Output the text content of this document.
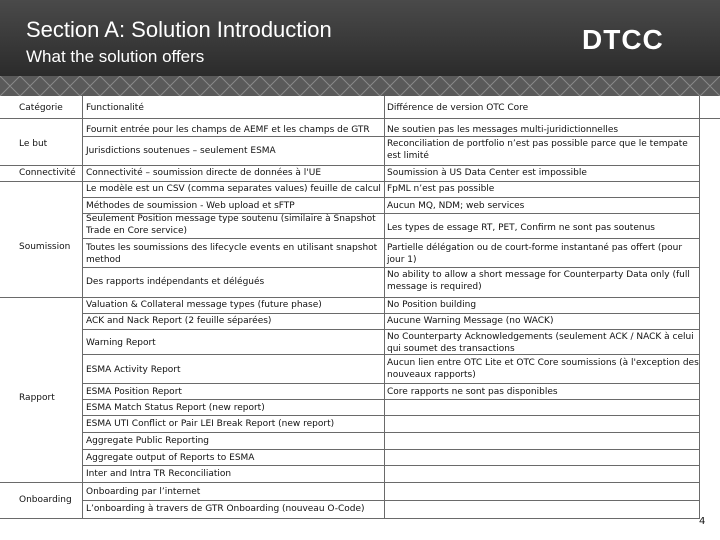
Section A: Solution Introduction
What the solution offers
DTCC
Catégorie	Functionalité	Différence de version OTC Core
Le but
Connectivité
Soumission
Rapport
Onboarding
Fournit entrée pour les champs de AEMF et les champs de GTR
Jurisdictions soutenues – seulement ESMA
Connectivité – soumission directe de données à l'UE
Le modèle est un CSV (comma separates values) feuille de calcul
Méthodes de soumission - Web upload et sFTP
Seulement Position message type soutenu (similaire à Snapshot Trade en Core service)
Toutes les soumissions des lifecycle events en utilisant snapshot method
Des rapports indépendants et délégués
Valuation & Collateral message types (future phase)
ACK and Nack Report (2 feuille séparées)
Warning Report
ESMA Activity Report
ESMA Position Report
ESMA Match Status Report (new report)
ESMA UTI Conflict or Pair LEI Break Report (new report)
Aggregate Public Reporting
Aggregate output of Reports to ESMA
Inter and Intra TR Reconciliation
Onboarding par l’internet
L’onboarding à travers de GTR Onboarding (nouveau O-Code)
Ne soutien pas les messages multi-juridictionnelles
Reconciliation de portfolio n’est pas possible parce que le tempate est limité
Soumission à US Data Center est impossible
FpML n’est pas possible
Aucun MQ, NDM; web services
Les types de essage RT, PET, Confirm ne sont pas soutenus
Partielle délégation ou de court-forme instantané pas offert (pour jour 1)
No ability to allow a short message for Counterparty Data only (full message is required)
No Position building
Aucune Warning Message (no WACK)
No Counterparty Acknowledgements (seulement ACK / NACK à celui qui soumet des transactions
Aucun lien entre OTC Lite et OTC Core soumissions (à l'exception des nouveaux rapports)
Core rapports ne sont pas disponibles
4
